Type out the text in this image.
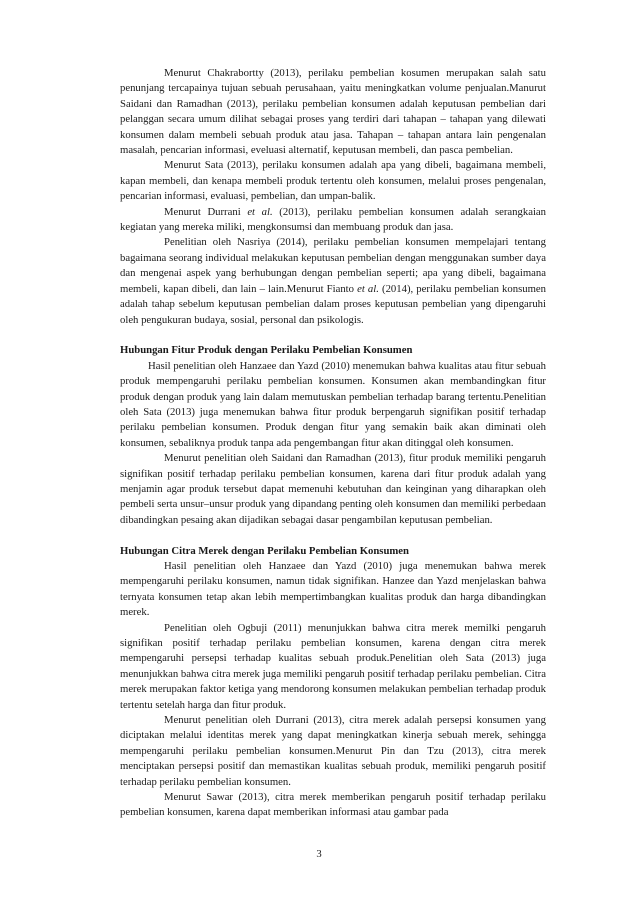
Menurut Chakrabortty (2013), perilaku pembelian kosumen merupakan salah satu penunjang tercapainya tujuan sebuah perusahaan, yaitu meningkatkan volume penjualan.Manurut Saidani dan Ramadhan (2013), perilaku pembelian konsumen adalah keputusan pembelian dari pelanggan secara umum dilihat sebagai proses yang terdiri dari tahapan – tahapan yang dilewati konsumen dalam membeli sebuah produk atau jasa. Tahapan – tahapan antara lain pengenalan masalah, pencarian informasi, eveluasi alternatif, keputusan membeli, dan pasca pembelian.

Menurut Sata (2013), perilaku konsumen adalah apa yang dibeli, bagaimana membeli, kapan membeli, dan kenapa membeli produk tertentu oleh konsumen, melalui proses pengenalan, pencarian informasi, evaluasi, pembelian, dan umpan-balik.

Menurut Durrani et al. (2013), perilaku pembelian konsumen adalah serangkaian kegiatan yang mereka miliki, mengkonsumsi dan membuang produk dan jasa.

Penelitian oleh Nasriya (2014), perilaku pembelian konsumen mempelajari tentang bagaimana seorang individual melakukan keputusan pembelian dengan menggunakan sumber daya dan mengenai aspek yang berhubungan dengan pembelian seperti; apa yang dibeli, bagaimana membeli, kapan dibeli, dan lain – lain.Menurut Fianto et al. (2014), perilaku pembelian konsumen adalah tahap sebelum keputusan pembelian dalam proses keputusan pembelian yang dipengaruhi oleh pengukuran budaya, sosial, personal dan psikologis.

Hubungan Fitur Produk dengan Perilaku Pembelian Konsumen

Hasil penelitian oleh Hanzaee dan Yazd (2010) menemukan bahwa kualitas atau fitur sebuah produk mempengaruhi perilaku pembelian konsumen. Konsumen akan membandingkan fitur produk dengan produk yang lain dalam memutuskan pembelian terhadap barang tertentu.Penelitian oleh Sata (2013) juga menemukan bahwa fitur produk berpengaruh signifikan positif terhadap perilaku pembelian konsumen. Produk dengan fitur yang semakin baik akan diminati oleh konsumen, sebaliknya produk tanpa ada pengembangan fitur akan ditinggal oleh konsumen.

Menurut penelitian oleh Saidani dan Ramadhan (2013), fitur produk memiliki pengaruh signifikan positif terhadap perilaku pembelian konsumen, karena dari fitur produk adalah yang menjamin agar produk tersebut dapat memenuhi kebutuhan dan keinginan yang diharapkan oleh pembeli serta unsur–unsur produk yang dipandang penting oleh konsumen dan memiliki perbedaan dibandingkan pesaing akan dijadikan sebagai dasar pengambilan keputusan pembelian.

Hubungan Citra Merek dengan Perilaku Pembelian Konsumen

Hasil penelitian oleh Hanzaee dan Yazd (2010) juga menemukan bahwa merek mempengaruhi perilaku konsumen, namun tidak signifikan. Hanzee dan Yazd menjelaskan bahwa ternyata konsumen tetap akan lebih mempertimbangkan kualitas produk dan harga dibandingkan merek.

Penelitian oleh Ogbuji (2011) menunjukkan bahwa citra merek memilki pengaruh signifikan positif terhadap perilaku pembelian konsumen, karena dengan citra merek mempengaruhi persepsi terhadap kualitas sebuah produk.Penelitian oleh Sata (2013) juga menunjukkan bahwa citra merek juga memiliki pengaruh positif terhadap perilaku pembelian. Citra merek merupakan faktor ketiga yang mendorong konsumen melakukan pembelian terhadap produk tertentu setelah harga dan fitur produk.

Menurut penelitian oleh Durrani (2013), citra merek adalah persepsi konsumen yang diciptakan melalui identitas merek yang dapat meningkatkan kinerja sebuah merek, sehingga mempengaruhi perilaku pembelian konsumen.Menurut Pin dan Tzu (2013), citra merek menciptakan persepsi positif dan memastikan kualitas sebuah produk, memiliki pengaruh positif terhadap perilaku pembelian konsumen.

Menurut Sawar (2013), citra merek memberikan pengaruh positif terhadap perilaku pembelian konsumen, karena dapat memberikan informasi atau gambar pada

3
